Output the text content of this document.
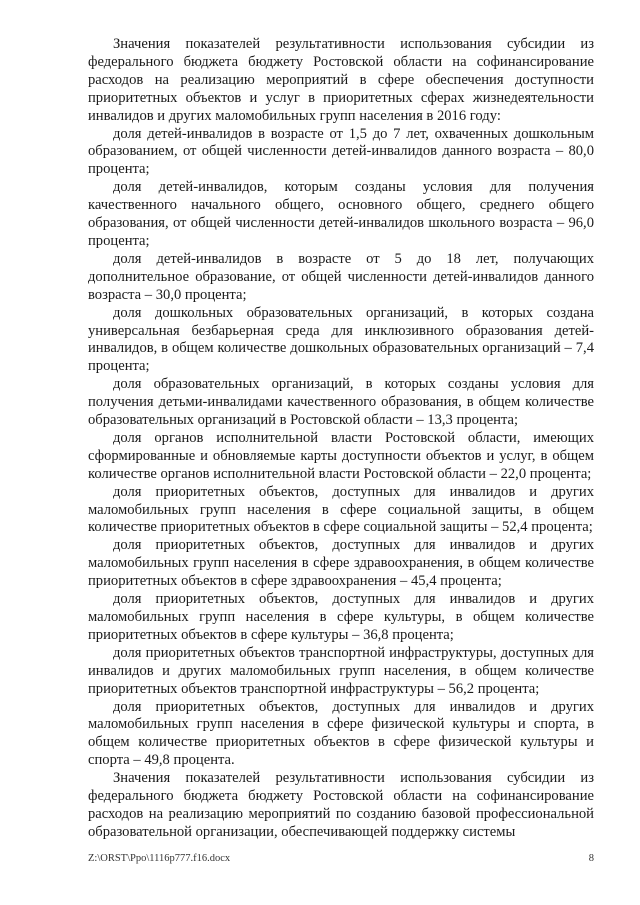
Значения показателей результативности использования субсидии из федерального бюджета бюджету Ростовской области на софинансирование расходов на реализацию мероприятий в сфере обеспечения доступности приоритетных объектов и услуг в приоритетных сферах жизнедеятельности инвалидов и других маломобильных групп населения в 2016 году:

доля детей-инвалидов в возрасте от 1,5 до 7 лет, охваченных дошкольным образованием, от общей численности детей-инвалидов данного возраста – 80,0 процента;

доля детей-инвалидов, которым созданы условия для получения качественного начального общего, основного общего, среднего общего образования, от общей численности детей-инвалидов школьного возраста – 96,0 процента;

доля детей-инвалидов в возрасте от 5 до 18 лет, получающих дополнительное образование, от общей численности детей-инвалидов данного возраста – 30,0 процента;

доля дошкольных образовательных организаций, в которых создана универсальная безбарьерная среда для инклюзивного образования детей-инвалидов, в общем количестве дошкольных образовательных организаций – 7,4 процента;

доля образовательных организаций, в которых созданы условия для получения детьми-инвалидами качественного образования, в общем количестве образовательных организаций в Ростовской области – 13,3 процента;

доля органов исполнительной власти Ростовской области, имеющих сформированные и обновляемые карты доступности объектов и услуг, в общем количестве органов исполнительной власти Ростовской области – 22,0 процента;

доля приоритетных объектов, доступных для инвалидов и других маломобильных групп населения в сфере социальной защиты, в общем количестве приоритетных объектов в сфере социальной защиты – 52,4 процента;

доля приоритетных объектов, доступных для инвалидов и других маломобильных групп населения в сфере здравоохранения, в общем количестве приоритетных объектов в сфере здравоохранения – 45,4 процента;

доля приоритетных объектов, доступных для инвалидов и других маломобильных групп населения в сфере культуры, в общем количестве приоритетных объектов в сфере культуры – 36,8 процента;

доля приоритетных объектов транспортной инфраструктуры, доступных для инвалидов и других маломобильных групп населения, в общем количестве приоритетных объектов транспортной инфраструктуры – 56,2 процента;

доля приоритетных объектов, доступных для инвалидов и других маломобильных групп населения в сфере физической культуры и спорта, в общем количестве приоритетных объектов в сфере физической культуры и спорта – 49,8 процента.

Значения показателей результативности использования субсидии из федерального бюджета бюджету Ростовской области на софинансирование расходов на реализацию мероприятий по созданию базовой профессиональной образовательной организации, обеспечивающей поддержку системы

Z:\ORST\Ppo\1116p777.f16.docx	8
